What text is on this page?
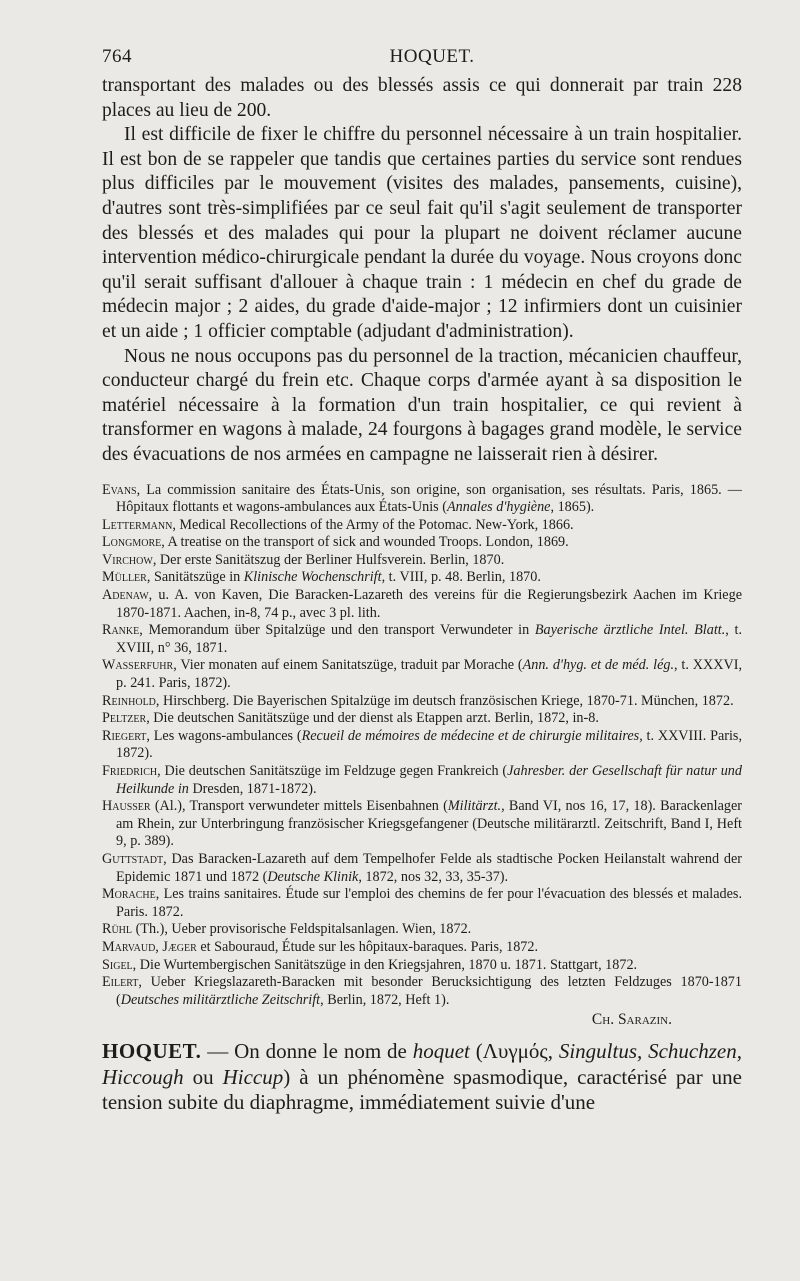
764	HOQUET.

transportant des malades ou des blessés assis ce qui donnerait par train 228 places au lieu de 200.

Il est difficile de fixer le chiffre du personnel nécessaire à un train hospitalier. Il est bon de se rappeler que tandis que certaines parties du service sont rendues plus difficiles par le mouvement (visites des malades, pansements, cuisine), d'autres sont très-simplifiées par ce seul fait qu'il s'agit seulement de transporter des blessés et des malades qui pour la plupart ne doivent réclamer aucune intervention médico-chirurgicale pendant la durée du voyage. Nous croyons donc qu'il serait suffisant d'allouer à chaque train : 1 médecin en chef du grade de médecin major ; 2 aides, du grade d'aide-major ; 12 infirmiers dont un cuisinier et un aide ; 1 officier comptable (adjudant d'administration).

Nous ne nous occupons pas du personnel de la traction, mécanicien chauffeur, conducteur chargé du frein etc. Chaque corps d'armée ayant à sa disposition le matériel nécessaire à la formation d'un train hospitalier, ce qui revient à transformer en wagons à malade, 24 fourgons à bagages grand modèle, le service des évacuations de nos armées en campagne ne laisserait rien à désirer.

Evans, La commission sanitaire des États-Unis, son origine, son organisation, ses résultats. Paris, 1865. — Hôpitaux flottants et wagons-ambulances aux États-Unis (Annales d'hygiène, 1865).
Lettermann, Medical Recollections of the Army of the Potomac. New-York, 1866.
Longmore, A treatise on the transport of sick and wounded Troops. London, 1869.
Virchow, Der erste Sanitätszug der Berliner Hulfsverein. Berlin, 1870.
Müller, Sanitätszüge in Klinische Wochenschrift, t. VIII, p. 48. Berlin, 1870.
Adenaw, u. A. von Kaven, Die Baracken-Lazareth des vereins für die Regierungsbezirk Aachen im Kriege 1870-1871. Aachen, in-8, 74 p., avec 3 pl. lith.
Ranke, Memorandum über Spitalzüge und den transport Verwundeter in Bayerische ärztliche Intel. Blatt., t. XVIII, n° 36, 1871.
Wasserfuhr, Vier monaten auf einem Sanitatszüge, traduit par Morache (Ann. d'hyg. et de méd. lég., t. XXXVI, p. 241. Paris, 1872).
Reinhold, Hirschberg. Die Bayerischen Spitalzüge im deutsch französischen Kriege, 1870-71. München, 1872.
Peltzer, Die deutschen Sanitätszüge und der dienst als Etappen arzt. Berlin, 1872, in-8.
Riegert, Les wagons-ambulances (Recueil de mémoires de médecine et de chirurgie militaires, t. XXVIII. Paris, 1872).
Friedrich, Die deutschen Sanitätszüge im Feldzuge gegen Frankreich (Jahresber. der Gesellschaft für natur und Heilkunde in Dresden, 1871-1872).
Hausser (Al.), Transport verwundeter mittels Eisenbahnen (Militärzt., Band VI, nos 16, 17, 18). Barackenlager am Rhein, zur Unterbringung französischer Kriegsgefangener (Deutsche militärarztl. Zeitschrift, Band I, Heft 9, p. 389).
Guttstadt, Das Baracken-Lazareth auf dem Tempelhofer Felde als stadtische Pocken Heilanstalt wahrend der Epidemic 1871 und 1872 (Deutsche Klinik, 1872, nos 32, 33, 35-37).
Morache, Les trains sanitaires. Étude sur l'emploi des chemins de fer pour l'évacuation des blessés et malades. Paris. 1872.
Rühl (Th.), Ueber provisorische Feldspitalsanlagen. Wien, 1872.
Marvaud, Jæger et Sabouraud, Étude sur les hôpitaux-baraques. Paris, 1872.
Sigel, Die Wurtembergischen Sanitätszüge in den Kriegsjahren, 1870 u. 1871. Stattgart, 1872.
Eilert, Ueber Kriegslazareth-Baracken mit besonder Berucksichtigung des letzten Feldzuges 1870-1871 (Deutsches militärztliche Zeitschrift, Berlin, 1872, Heft 1).
Ch. Sarazin.
HOQUET. — On donne le nom de hoquet (Λυγμός, Singultus, Schuchzen, Hiccough ou Hiccup) à un phénomène spasmodique, caractérisé par une tension subite du diaphragme, immédiatement suivie d'une
